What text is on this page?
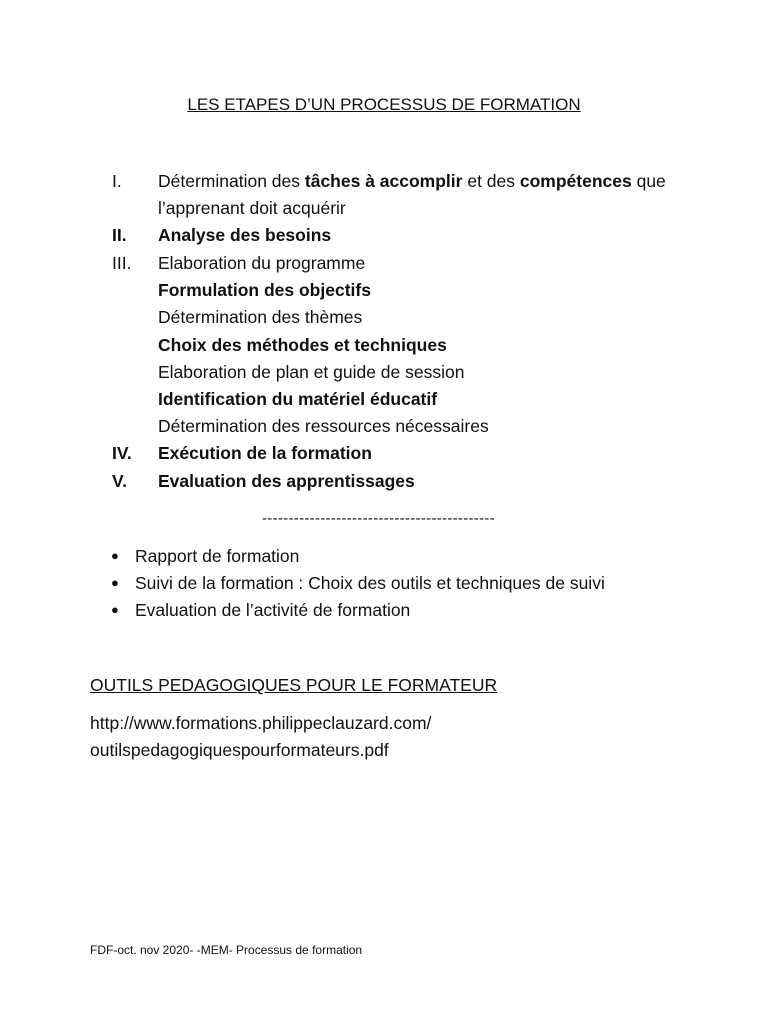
LES ETAPES D’UN PROCESSUS DE FORMATION
I. Détermination des tâches à accomplir et des compétences que
l’apprenant doit acquérir
II. Analyse des besoins
III. Elaboration du programme
Formulation des objectifs
Détermination des thèmes
Choix des méthodes et techniques
Elaboration de plan et guide de session
Identification du matériel éducatif
Détermination des ressources nécessaires
IV. Exécution de la formation
V. Evaluation des apprentissages
--------------------------------------------
● Rapport de formation
● Suivi de la formation : Choix des outils et techniques de suivi
● Evaluation de l’activité de formation
OUTILS PEDAGOGIQUES POUR LE FORMATEUR
http://www.formations.philippeclauzard.com/
outilspedagogiquespourformateurs.pdf
FDF-oct. nov 2020- -MEM- Processus de formation
